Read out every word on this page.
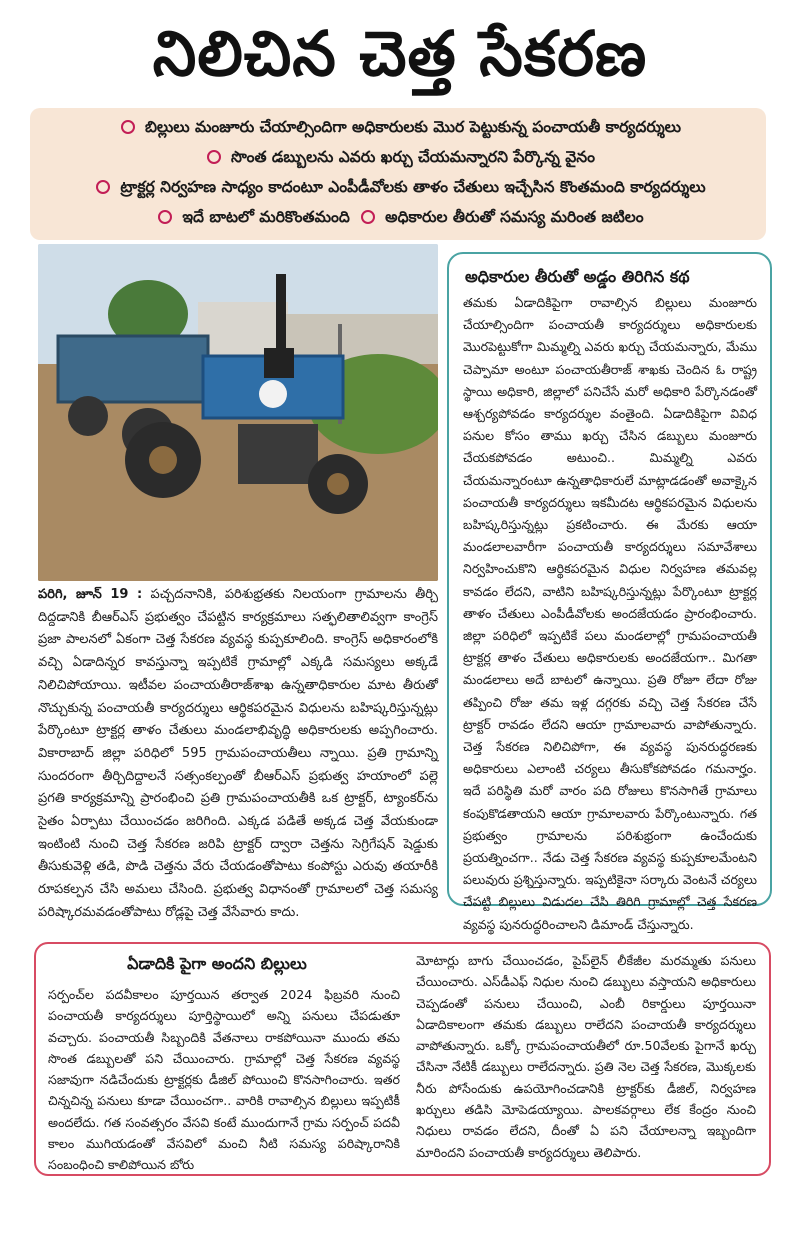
నిలిచిన చెత్త సేకరణ
బిల్లులు మంజూరు చేయాల్సిందిగా అధికారులకు మొర పెట్టుకున్న పంచాయతీ కార్యదర్శులు
సొంత డబ్బులను ఎవరు ఖర్చు చేయమన్నారని పేర్కొన్న వైనం
ట్రాక్టర్ల నిర్వహణ సాధ్యం కాదంటూ ఎంపీడీవోలకు తాళం చేతులు ఇచ్చేసిన కొంతమంది కార్యదర్శులు
ఇదే బాటలో మరికొంతమంది అధికారుల తీరుతో సమస్య మరింత జటిలం

పరిగి, జూన్ 19 : పచ్చదనానికి, పరిశుభ్రతకు నిలయంగా గ్రామాలను తీర్చి దిద్దడానికి బీఆర్ఎస్ ప్రభుత్వం చేపట్టిన కార్యక్రమాలు సత్ఫలితాలివ్వగా కాంగ్రెస్ ప్రజా పాలనలో ఏకంగా చెత్త సేకరణ వ్యవస్థ కుప్పకూలింది. కాంగ్రెస్ అధికారంలోకి వచ్చి ఏడాదిన్నర కావస్తున్నా ఇప్పటికే గ్రామాల్లో ఎక్కడి సమస్యలు అక్కడే నిలిచిపోయాయి. ఇటీవల పంచాయతీరాజ్‌శాఖ ఉన్నతాధికారుల మాట తీరుతో నొచ్చుకున్న పంచాయతీ కార్యదర్శులు ఆర్థికపరమైన విధులను బహిష్కరిస్తున్నట్లు పేర్కొంటూ ట్రాక్టర్ల తాళం చేతులు మండలాభివృద్ధి అధికారులకు అప్పగించారు. వికారాబాద్ జిల్లా పరిధిలో 595 గ్రామపంచాయతీలు న్నాయి. ప్రతి గ్రామాన్ని సుందరంగా తీర్చిదిద్దాలనే సత్సంకల్పంతో బీఆర్ఎస్ ప్రభుత్వ హయాంలో పల్లె ప్రగతి కార్యక్రమాన్ని ప్రారంభించి ప్రతి గ్రామపంచాయతీకి ఒక ట్రాక్టర్, ట్యాంకర్‌ను సైతం ఏర్పాటు చేయించడం జరిగింది. ఎక్కడ పడితే అక్కడ చెత్త వేయకుండా ఇంటింటి నుంచి చెత్త సేకరణ జరిపి ట్రాక్టర్ ద్వారా చెత్తను సెగ్రిగేషన్ షెడ్డుకు తీసుకువెళ్లి తడి, పొడి చెత్తను వేరు చేయడంతోపాటు కంపోస్టు ఎరువు తయారీకి రూపకల్పన చేసి అమలు చేసింది. ప్రభుత్వ విధానంతో గ్రామాలలో చెత్త సమస్య పరిష్కారమవడంతోపాటు రోడ్లపై చెత్త వేసేవారు కాదు.

అధికారుల తీరుతో అడ్డం తిరిగిన కథ

తమకు ఏడాదికిపైగా రావాల్సిన బిల్లులు మంజూరు చేయాల్సిందిగా పంచాయతీ కార్యదర్శులు అధికారులకు మొరపెట్టుకోగా మిమ్మల్ని ఎవరు ఖర్చు చేయమన్నారు, మేము చెప్పామా అంటూ పంచాయతీరాజ్ శాఖకు చెందిన ఓ రాష్ట్ర స్థాయి అధికారి, జిల్లాలో పనిచేసే మరో అధికారి పేర్కొనడంతో ఆశ్చర్యపోవడం కార్యదర్శుల వంతైంది. ఏడాదికిపైగా వివిధ పనుల కోసం తాము ఖర్చు చేసిన డబ్బులు మంజూరు చేయకపోవడం అటుంచి.. మిమ్మల్ని ఎవరు చేయమన్నారంటూ ఉన్నతాధికారులే మాట్లాడడంతో అవాక్కైన పంచాయతీ కార్యదర్శులు ఇకమీదట ఆర్థికపరమైన విధులను బహిష్కరిస్తున్నట్లు ప్రకటించారు. ఈ మేరకు ఆయా మండలాలవారీగా పంచాయతీ కార్యదర్శులు సమావేశాలు నిర్వహించుకొని ఆర్థికపరమైన విధుల నిర్వహణ తమవల్ల కావడం లేదని, వాటిని బహిష్కరిస్తున్నట్లు పేర్కొంటూ ట్రాక్టర్ల తాళం చేతులు ఎంపీడీవోలకు అందజేయడం ప్రారంభించారు. జిల్లా పరిధిలో ఇప్పటికే పలు మండలాల్లో గ్రామపంచాయతీ ట్రాక్టర్ల తాళం చేతులు అధికారులకు అందజేయగా.. మిగతా మండలాలు అదే బాటలో ఉన్నాయి. ప్రతి రోజూ లేదా రోజు తప్పించి రోజు తమ ఇళ్ల దగ్గరకు వచ్చి చెత్త సేకరణ చేసే ట్రాక్టర్ రావడం లేదని ఆయా గ్రామాలవారు వాపోతున్నారు. చెత్త సేకరణ నిలిచిపోగా, ఈ వ్యవస్థ పునరుద్ధరణకు అధికారులు ఎలాంటి చర్యలు తీసుకోకపోవడం గమనార్హం. ఇదే పరిస్థితి మరో వారం పది రోజులు కొనసాగితే గ్రామాలు కంపుకొడతాయని ఆయా గ్రామాలవారు పేర్కొంటున్నారు. గత ప్రభుత్వం గ్రామాలను పరిశుభ్రంగా ఉంచేందుకు ప్రయత్నించగా.. నేడు చెత్త సేకరణ వ్యవస్థ కుప్పకూలమేంటని పలువురు ప్రశ్నిస్తున్నారు. ఇప్పటికైనా సర్కారు వెంటనే చర్యలు చేపట్టి బిల్లులు విడుదల చేసి తిరిగి గ్రామాల్లో చెత్త సేకరణ వ్యవస్థ పునరుద్ధరించాలని డిమాండ్ చేస్తున్నారు.

ఏడాదికి పైగా అందని బిల్లులు

సర్పంచ్‌ల పదవీకాలం పూర్తయిన తర్వాత 2024 ఫిబ్రవరి నుంచి పంచాయతీ కార్యదర్శులు పూర్తిస్థాయిలో అన్ని పనులు చేపడుతూ వచ్చారు. పంచాయతీ సిబ్బందికి వేతనాలు రాకపోయినా ముందు తమ సొంత డబ్బులతో పని చేయించారు. గ్రామాల్లో చెత్త సేకరణ వ్యవస్థ సజావుగా నడిచేందుకు ట్రాక్టర్లకు డీజిల్ పోయించి కొనసాగించారు. ఇతర చిన్నచిన్న పనులు కూడా చేయించగా.. వారికి రావాల్సిన బిల్లులు ఇప్పటికీ అందలేదు. గత సంవత్సరం వేసవి కంటే ముందుగానే గ్రామ సర్పంచ్ పదవీ కాలం ముగియడంతో వేసవిలో మంచి నీటి సమస్య పరిష్కారానికి సంబంధించి కాలిపోయిన బోరు

మోటార్లు బాగు చేయించడం, పైప్‌లైన్ లీకేజీల మరమ్మతు పనులు చేయించారు. ఎస్‌డీఎఫ్ నిధుల నుంచి డబ్బులు వస్తాయని అధికారులు చెప్పడంతో పనులు చేయించి, ఎంబీ రికార్డులు పూర్తయినా ఏడాదికాలంగా తమకు డబ్బులు రాలేదని పంచాయతీ కార్యదర్శులు వాపోతున్నారు. ఒక్కో గ్రామపంచాయతీలో రూ.50వేలకు పైగానే ఖర్చు చేసినా నేటికీ డబ్బులు రాలేదన్నారు. ప్రతి నెల చెత్త సేకరణ, మొక్కలకు నీరు పోసేందుకు ఉపయోగించడానికి ట్రాక్టర్‌కు డీజిల్, నిర్వహణ ఖర్చులు తడిసి మోపెడయ్యాయి. పాలకవర్గాలు లేక కేంద్రం నుంచి నిధులు రావడం లేదని, దీంతో ఏ పని చేయాలన్నా ఇబ్బందిగా మారిందని పంచాయతీ కార్యదర్శులు తెలిపారు.
